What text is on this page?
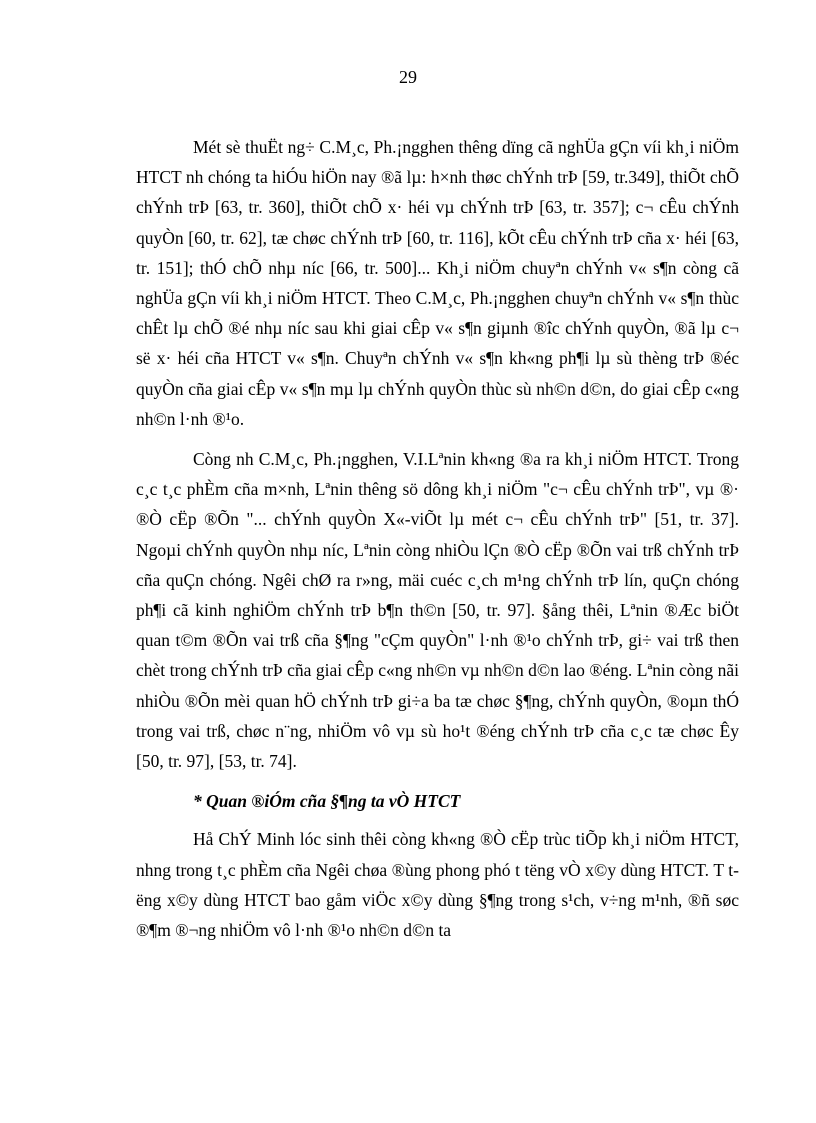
29

Mét sè thuËt ng÷ C.M¸c, Ph.¡ngghen thêng dïng cã nghÜa gÇn víi kh¸i niÖm HTCT nh chóng ta hiÓu hiÖn nay ®ã lµ: h×nh thøc chÝnh trÞ [59, tr.349], thiÕt chÕ chÝnh trÞ [63, tr. 360], thiÕt chÕ x· héi vµ chÝnh trÞ [63, tr. 357]; c¬ cÊu chÝnh quyÒn [60, tr. 62], tæ chøc chÝnh trÞ [60, tr. 116], kÕt cÊu chÝnh trÞ cña x· héi [63, tr. 151]; thÓ chÕ nhµ níc [66, tr. 500]... Kh¸i niÖm chuyªn chÝnh v« s¶n còng cã nghÜa gÇn víi kh¸i niÖm HTCT. Theo C.M¸c, Ph.¡ngghen chuyªn chÝnh v« s¶n thùc chÊt lµ chÕ ®é nhµ níc sau khi giai cÊp v« s¶n giµnh ®îc chÝnh quyÒn, ®ã lµ c¬ së x· héi cña HTCT v« s¶n. Chuyªn chÝnh v« s¶n kh«ng ph¶i lµ sù thèng trÞ ®éc quyÒn cña giai cÊp v« s¶n mµ lµ chÝnh quyÒn thùc sù nh©n d©n, do giai cÊp c«ng nh©n l·nh ®¹o.

Còng nh C.M¸c, Ph.¡ngghen, V.I.Lªnin kh«ng ®a ra kh¸i niÖm HTCT. Trong c¸c t¸c phÈm cña m×nh, Lªnin thêng sö dông kh¸i niÖm "c¬ cÊu chÝnh trÞ", vµ ®· ®Ò cËp ®Õn "... chÝnh quyÒn X«-viÕt lµ mét c¬ cÊu chÝnh trÞ" [51, tr. 37]. Ngoµi chÝnh quyÒn nhµ níc, Lªnin còng nhiÒu lÇn ®Ò cËp ®Õn vai trß chÝnh trÞ cña quÇn chóng. Ngêi chØ ra r»ng, mäi cuéc c¸ch m¹ng chÝnh trÞ lín, quÇn chóng ph¶i cã kinh nghiÖm chÝnh trÞ b¶n th©n [50, tr. 97]. §ång thêi, Lªnin ®Æc biÖt quan t©m ®Õn vai trß cña §¶ng "cÇm quyÒn" l·nh ®¹o chÝnh trÞ, gi÷ vai trß then chèt trong chÝnh trÞ cña giai cÊp c«ng nh©n vµ nh©n d©n lao ®éng. Lªnin còng nãi nhiÒu ®Õn mèi quan hÖ chÝnh trÞ gi÷a ba tæ chøc §¶ng, chÝnh quyÒn, ®oµn thÓ trong vai trß, chøc n¨ng, nhiÖm vô vµ sù ho¹t ®éng chÝnh trÞ cña c¸c tæ chøc Êy [50, tr. 97], [53, tr. 74].

* Quan ®iÓm cña §¶ng ta vÒ HTCT

Hå ChÝ Minh lóc sinh thêi còng kh«ng ®Ò cËp trùc tiÕp kh¸i niÖm HTCT, nhng trong t¸c phÈm cña Ngêi chøa ®ùng phong phó t tëng vÒ x©y dùng HTCT. T tëng x©y dùng HTCT bao gåm viÖc x©y dùng §¶ng trong s¹ch, v÷ng m¹nh, ®ñ søc ®¶m ®¬ng nhiÖm vô l·nh ®¹o nh©n d©n ta
